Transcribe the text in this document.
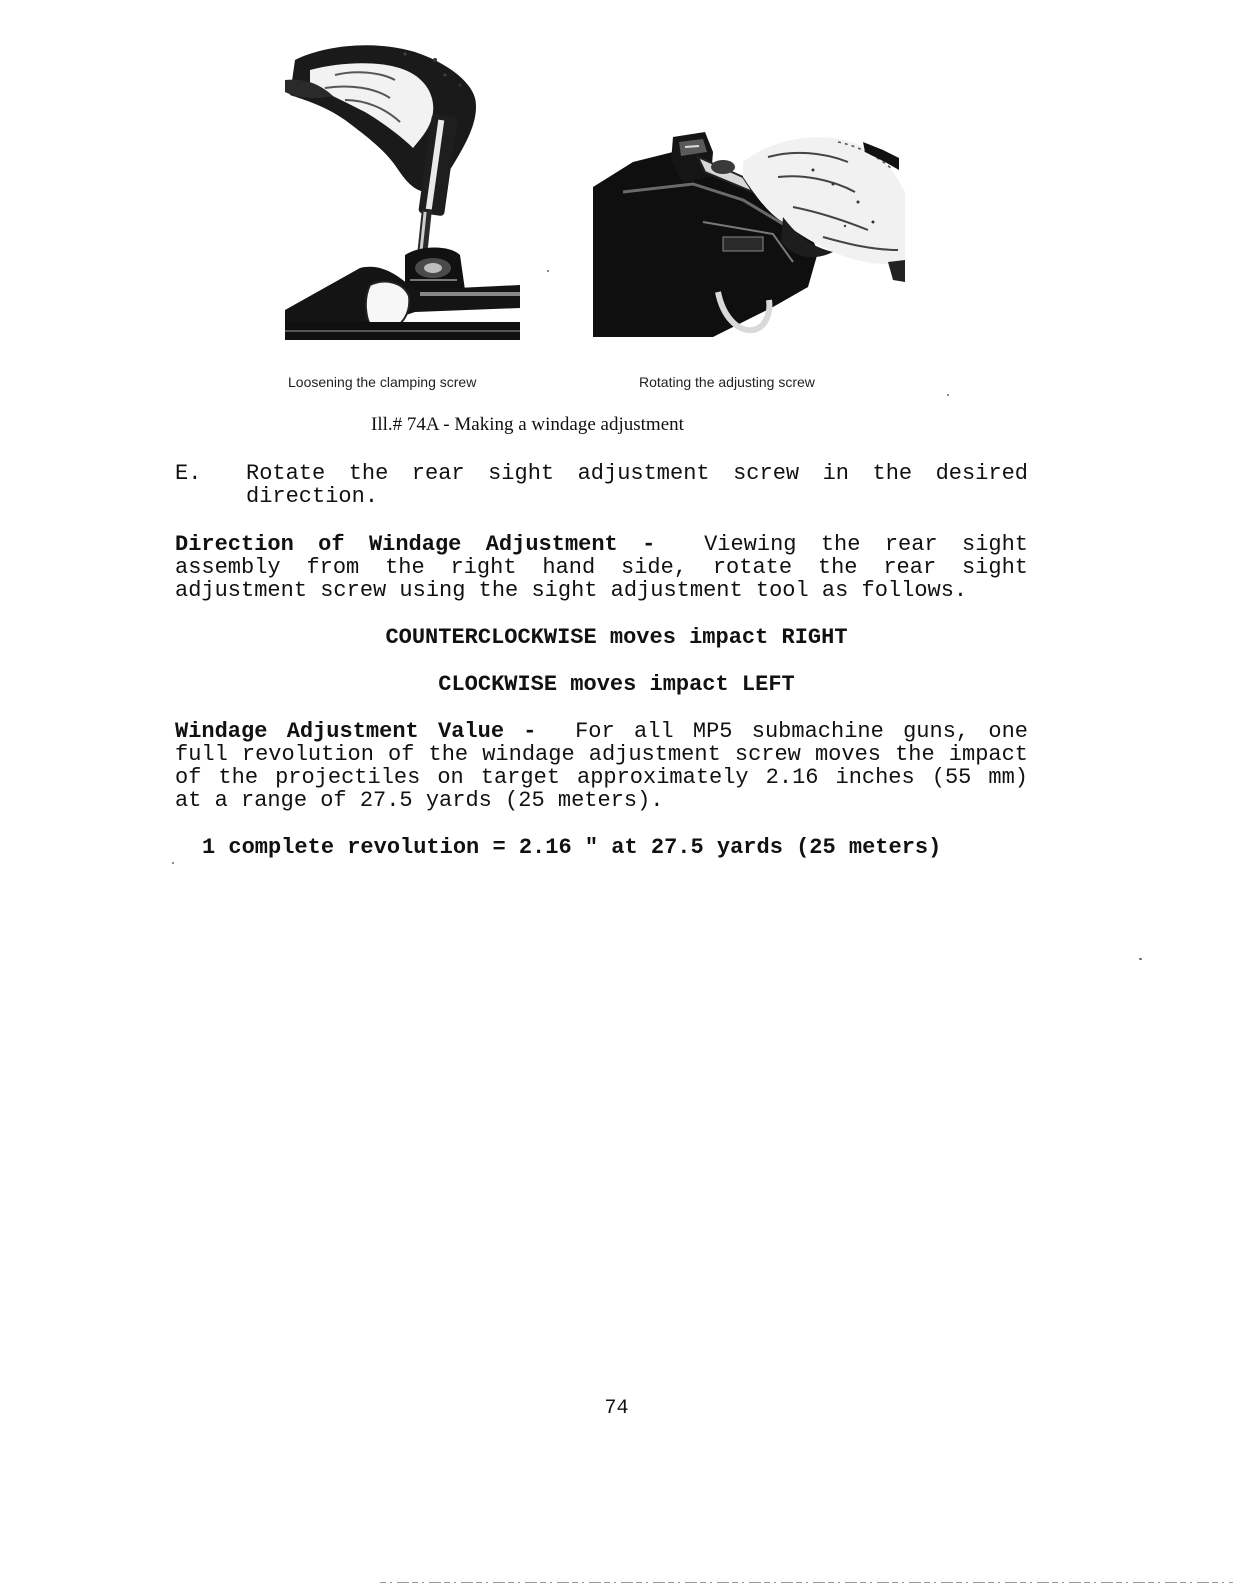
Loosening the clamping screw	Rotating the adjusting screw
Ill.# 74A - Making a windage adjustment
E. Rotate the rear sight adjustment screw in the desired direction.

Direction of Windage Adjustment - Viewing the rear sight assembly from the right hand side, rotate the rear sight adjustment screw using the sight adjustment tool as follows.

COUNTERCLOCKWISE moves impact RIGHT
CLOCKWISE moves impact LEFT

Windage Adjustment Value - For all MP5 submachine guns, one full revolution of the windage adjustment screw moves the impact of the projectiles on target approximately 2.16 inches (55 mm) at a range of 27.5 yards (25 meters).

1 complete revolution = 2.16 " at 27.5 yards (25 meters)
74
